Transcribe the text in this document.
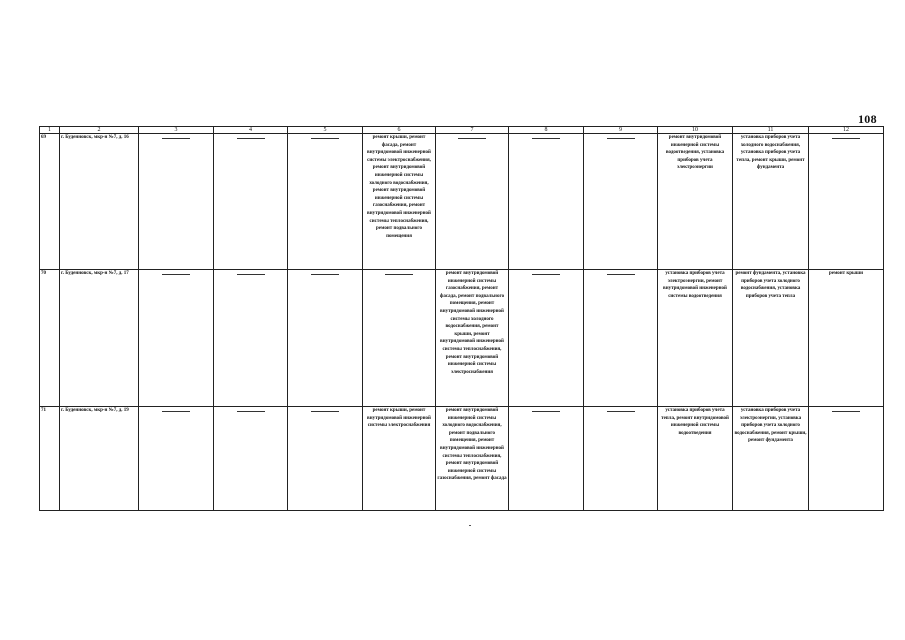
108
1	2	3	4	5	6	7	8	9	10	11	12
69	г. Буденновск, мкр-н №7, д. 16				ремонт крыши, ремонт фасада, ремонт внутридомовой инженерной системы электроснабжения, ремонт внутридомовой инженерной системы холодного водоснабжения, ремонт внутридомовой инженерной системы газоснабжения, ремонт внутридомовой инженерной системы теплоснабжения, ремонт подвального помещения				ремонт внутридомовой инженерной системы водоотведения, установка приборов учета электроэнергии	установка приборов учета холодного водоснабжения, установка приборов учета тепла, ремонт крыши, ремонт фундамента	

70	г. Буденновск, мкр-н №7, д. 17					ремонт внутридомовой инженерной системы газоснабжения, ремонт фасада, ремонт подвального помещения, ремонт внутридомовой инженерной системы холодного водоснабжения, ремонт крыши, ремонт внутридомовой инженерной системы теплоснабжения, ремонт внутридомовой инженерной системы электроснабжения			установка приборов учета электроэнергии, ремонт внутридомовой инженерной системы водоотведения	ремонт фундамента, установка приборов учета холодного водоснабжения, установка приборов учета тепла	ремонт крыши
71	г. Буденновск, мкр-н №7, д. 19				ремонт крыши, ремонт внутридомовой инженерной системы электроснабжения	ремонт внутридомовой инженерной системы холодного водоснабжения, ремонт подвального помещения, ремонт внутридомовой инженерной системы теплоснабжения, ремонт внутридомовой инженерной системы газоснабжения, ремонт фасада			установка приборов учета тепла, ремонт внутридомовой инженерной системы водоотведения	установка приборов учета электроэнергии, установка приборов учета холодного водоснабжения, ремонт крыши, ремонт фундамента	
